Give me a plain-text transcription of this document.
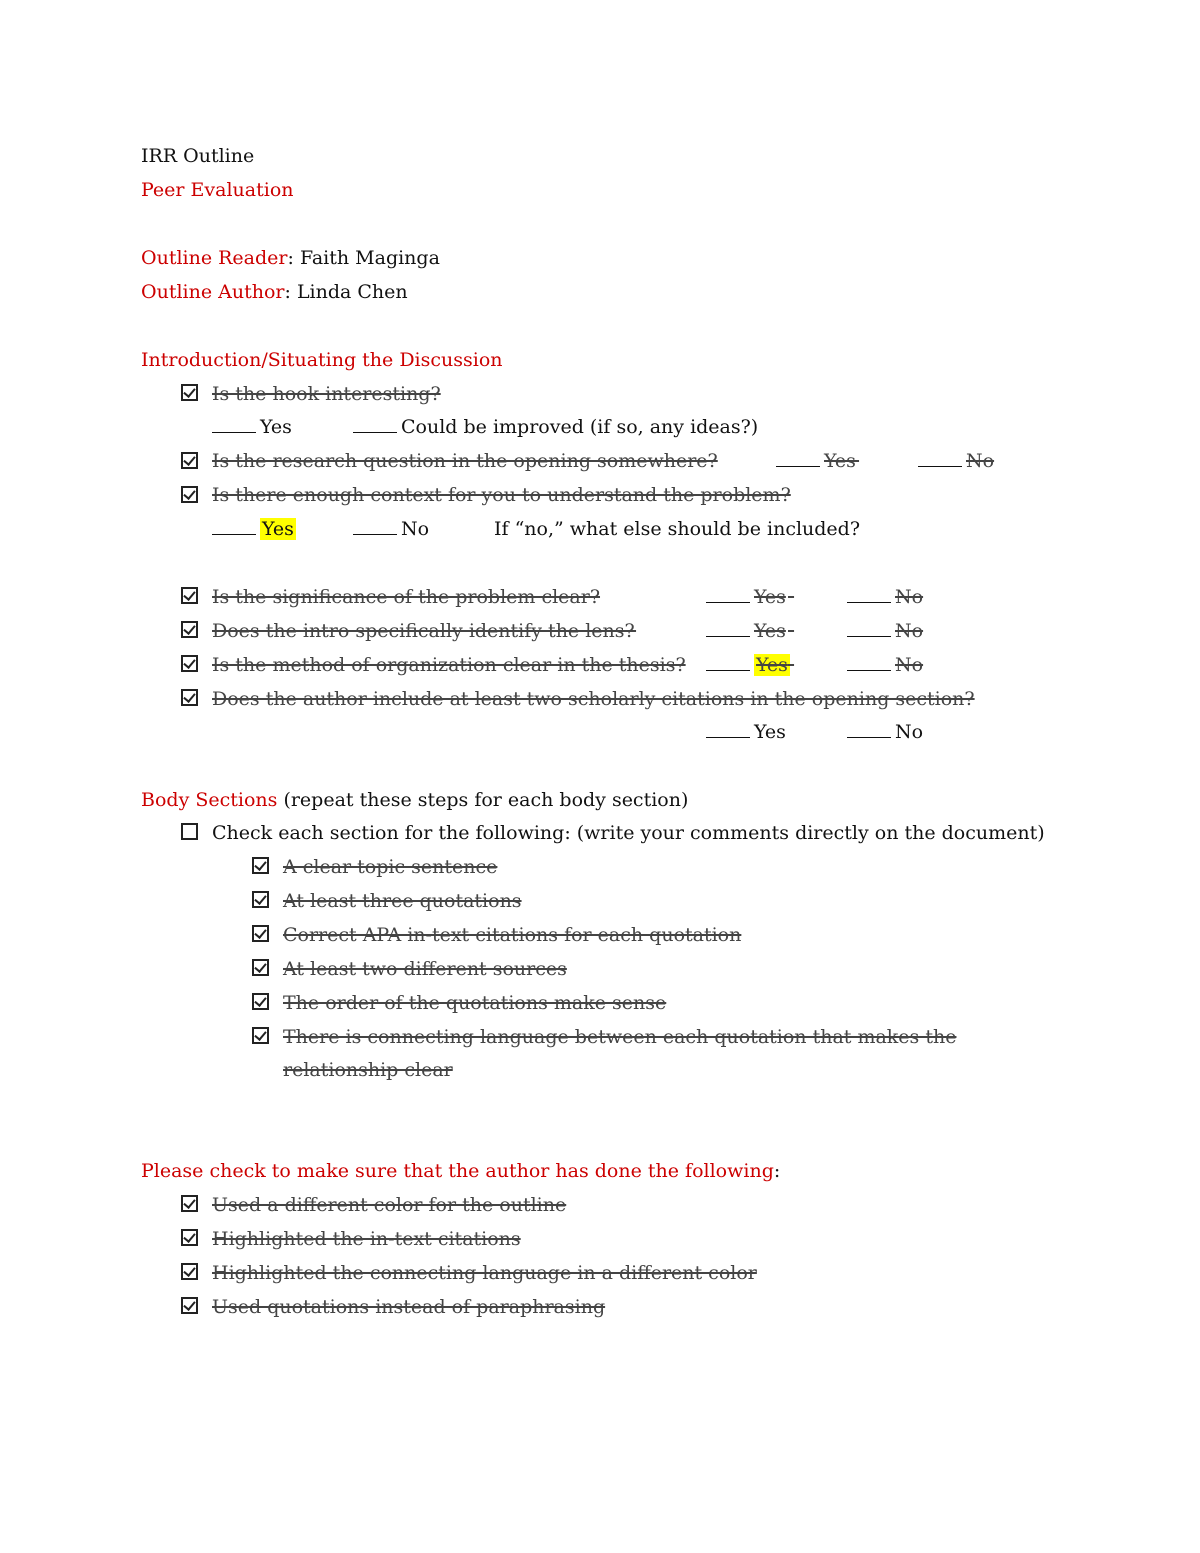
IRR Outline
Peer Evaluation
Outline Reader: Faith Maginga
Outline Author: Linda Chen
Introduction/Situating the Discussion
Is the hook interesting?
Yes	Could be improved (if so, any ideas?)
Is the research question in the opening somewhere?
	Yes
	No
Is there enough context for you to understand the problem?
Yes	No	If “no,” what else should be included?
Is the significance of the problem clear?
	Yes
	No
Does the intro specifically identify the lens?
	Yes
	No
Is the method of organization clear in the thesis?	Yes
	No
Does the author include at least two scholarly citations in the opening section?
Yes	No
Body Sections (repeat these steps for each body section)
Check each section for the following: (write your comments directly on the document)
A clear topic sentence
At least three quotations
Correct APA in-text citations for each quotation
At least two different sources
The order of the quotations make sense
There is connecting language between each quotation that makes the
relationship clear
Please check to make sure that the author has done the following:
Used a different color for the outline
Highlighted the in-text citations
Highlighted the connecting language in a different color
Used quotations instead of paraphrasing
